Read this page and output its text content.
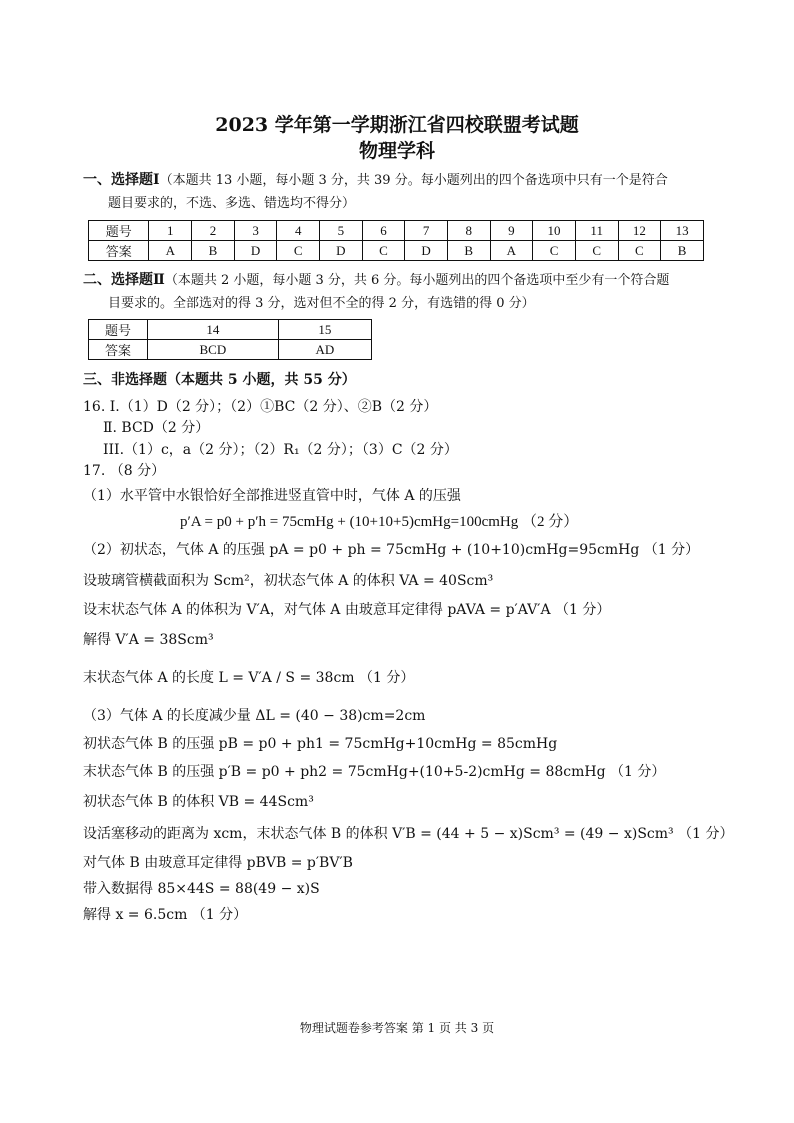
2023 学年第一学期浙江省四校联盟考试题
物理学科
一、选择题Ⅰ（本题共 13 小题，每小题 3 分，共 39 分。每小题列出的四个备选项中只有一个是符合
题目要求的，不选、多选、错选均不得分）
题号	1	2	3	4	5	6	7	8	9	10	11	12	13
答案	A	B	D	C	D	C	D	B	A	C	C	C	B
二、选择题Ⅱ（本题共 2 小题，每小题 3 分，共 6 分。每小题列出的四个备选项中至少有一个符合题
目要求的。全部选对的得 3 分，选对但不全的得 2 分，有选错的得 0 分）
题号	14	15
答案	BCD	AD
三、非选择题（本题共 5 小题，共 55 分）
16. I.（1）D（2 分）；（2）①BC（2 分）、②B（2 分）
Ⅱ. BCD（2 分）
III.（1）c，a（2 分）；（2）R₁（2 分）；（3）C（2 分）
17. （8 分）
（1）水平管中水银恰好全部推进竖直管中时，气体 A 的压强
p′A = p0 + p′h = 75cmHg + (10+10+5)cmHg=100cmHg （2 分）
（2）初状态，气体 A 的压强 pA = p0 + ph = 75cmHg + (10+10)cmHg=95cmHg （1 分）
设玻璃管横截面积为 Scm²，初状态气体 A 的体积 VA = 40Scm³
设末状态气体 A 的体积为 V′A，对气体 A 由玻意耳定律得 pAVA = p′AV′A （1 分）
解得 V′A = 38Scm³
末状态气体 A 的长度 L = V′A / S = 38cm （1 分）
（3）气体 A 的长度减少量 ΔL = (40 − 38)cm=2cm
初状态气体 B 的压强 pB = p0 + ph1 = 75cmHg+10cmHg = 85cmHg
末状态气体 B 的压强 p′B = p0 + ph2 = 75cmHg+(10+5-2)cmHg = 88cmHg （1 分）
初状态气体 B 的体积 VB = 44Scm³
设活塞移动的距离为 xcm，末状态气体 B 的体积 V′B = (44 + 5 − x)Scm³ = (49 − x)Scm³ （1 分）
对气体 B 由玻意耳定律得 pBVB = p′BV′B
带入数据得 85×44S = 88(49 − x)S
解得 x = 6.5cm （1 分）
物理试题卷参考答案 第 1 页 共 3 页
